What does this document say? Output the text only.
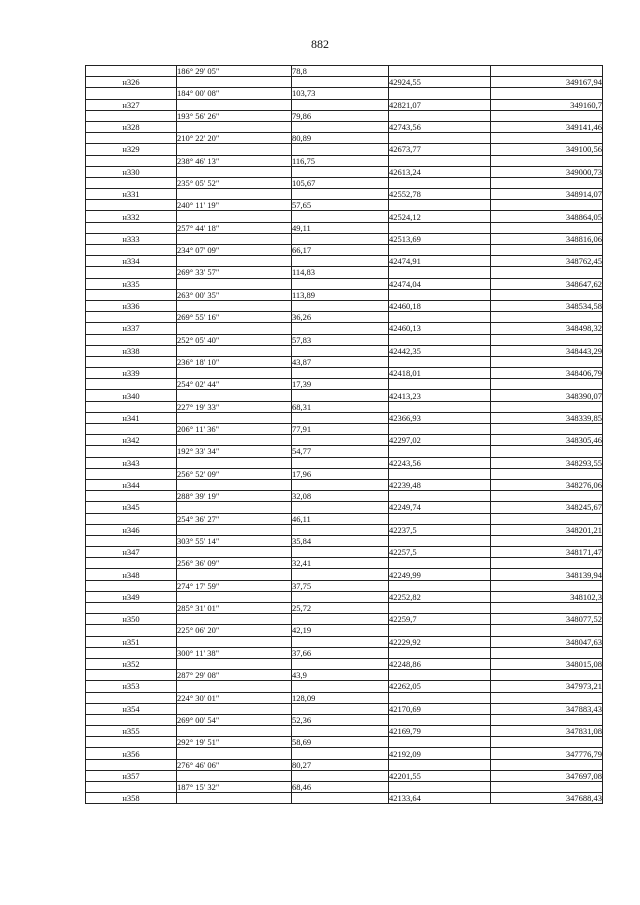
882
	186° 29' 05"	78,8		
н326			42924,55	349167,94
	184° 00' 08"	103,73		
н327			42821,07	349160,7
	193° 56' 26"	79,86		
н328			42743,56	349141,46
	210° 22' 20"	80,89		
н329			42673,77	349100,56
	238° 46' 13"	116,75		
н330			42613,24	349000,73
	235° 05' 52"	105,67		
н331			42552,78	348914,07
	240° 11' 19"	57,65		
н332			42524,12	348864,05
	257° 44' 18"	49,11		
н333			42513,69	348816,06
	234° 07' 09"	66,17		
н334			42474,91	348762,45
	269° 33' 57"	114,83		
н335			42474,04	348647,62
	263° 00' 35"	113,89		
н336			42460,18	348534,58
	269° 55' 16"	36,26		
н337			42460,13	348498,32
	252° 05' 40"	57,83		
н338			42442,35	348443,29
	236° 18' 10"	43,87		
н339			42418,01	348406,79
	254° 02' 44"	17,39		
н340			42413,23	348390,07
	227° 19' 33"	68,31		
н341			42366,93	348339,85
	206° 11' 36"	77,91		
н342			42297,02	348305,46
	192° 33' 34"	54,77		
н343			42243,56	348293,55
	256° 52' 09"	17,96		
н344			42239,48	348276,06
	288° 39' 19"	32,08		
н345			42249,74	348245,67
	254° 36' 27"	46,11		
н346			42237,5	348201,21
	303° 55' 14"	35,84		
н347			42257,5	348171,47
	256° 36' 09"	32,41		
н348			42249,99	348139,94
	274° 17' 59"	37,75		
н349			42252,82	348102,3
	285° 31' 01"	25,72		
н350			42259,7	348077,52
	225° 06' 20"	42,19		
н351			42229,92	348047,63
	300° 11' 38"	37,66		
н352			42248,86	348015,08
	287° 29' 08"	43,9		
н353			42262,05	347973,21
	224° 30' 01"	128,09		
н354			42170,69	347883,43
	269° 00' 54"	52,36		
н355			42169,79	347831,08
	292° 19' 51"	58,69		
н356			42192,09	347776,79
	276° 46' 06"	80,27		
н357			42201,55	347697,08
	187° 15' 32"	68,46		
н358			42133,64	347688,43
